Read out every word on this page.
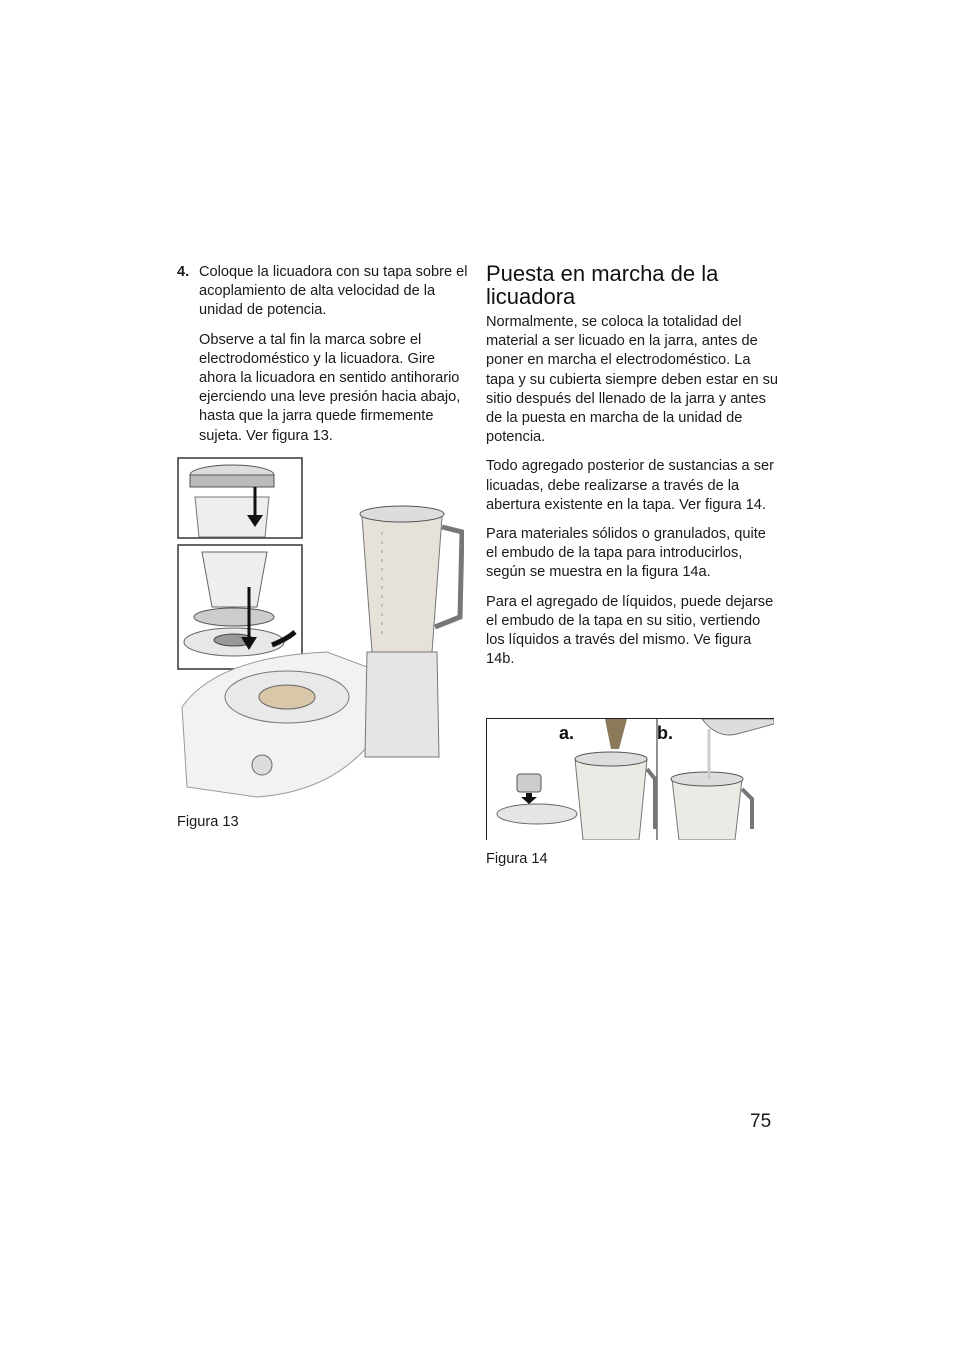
4. Coloque la licuadora con su tapa sobre el acoplamiento de alta velocidad de la unidad de potencia.

Observe a tal fin la marca sobre el electrodoméstico y la licuadora. Gire ahora la licuadora en sentido antihorario ejerciendo una leve presión hacia abajo, hasta que la jarra quede firmemente sujeta. Ver figura 13.

Figura 13
Puesta en marcha de la licuadora

Normalmente, se coloca la totalidad del material a ser licuado en la jarra, antes de poner en marcha el electrodoméstico. La tapa y su cubierta siempre deben estar en su sitio después del llenado de la jarra y antes de la puesta en marcha de la unidad de potencia.

Todo agregado posterior de sustancias a ser licuadas, debe realizarse a través de la abertura existente en la tapa. Ver figura 14.

Para materiales sólidos o granulados, quite el embudo de la tapa para introducirlos, según se muestra en la figura 14a.

Para el agregado de líquidos, puede dejarse el embudo de la tapa en su sitio, vertiendo los líquidos a través del mismo. Ve figura 14b.

a.	b.
Figura 14
75
